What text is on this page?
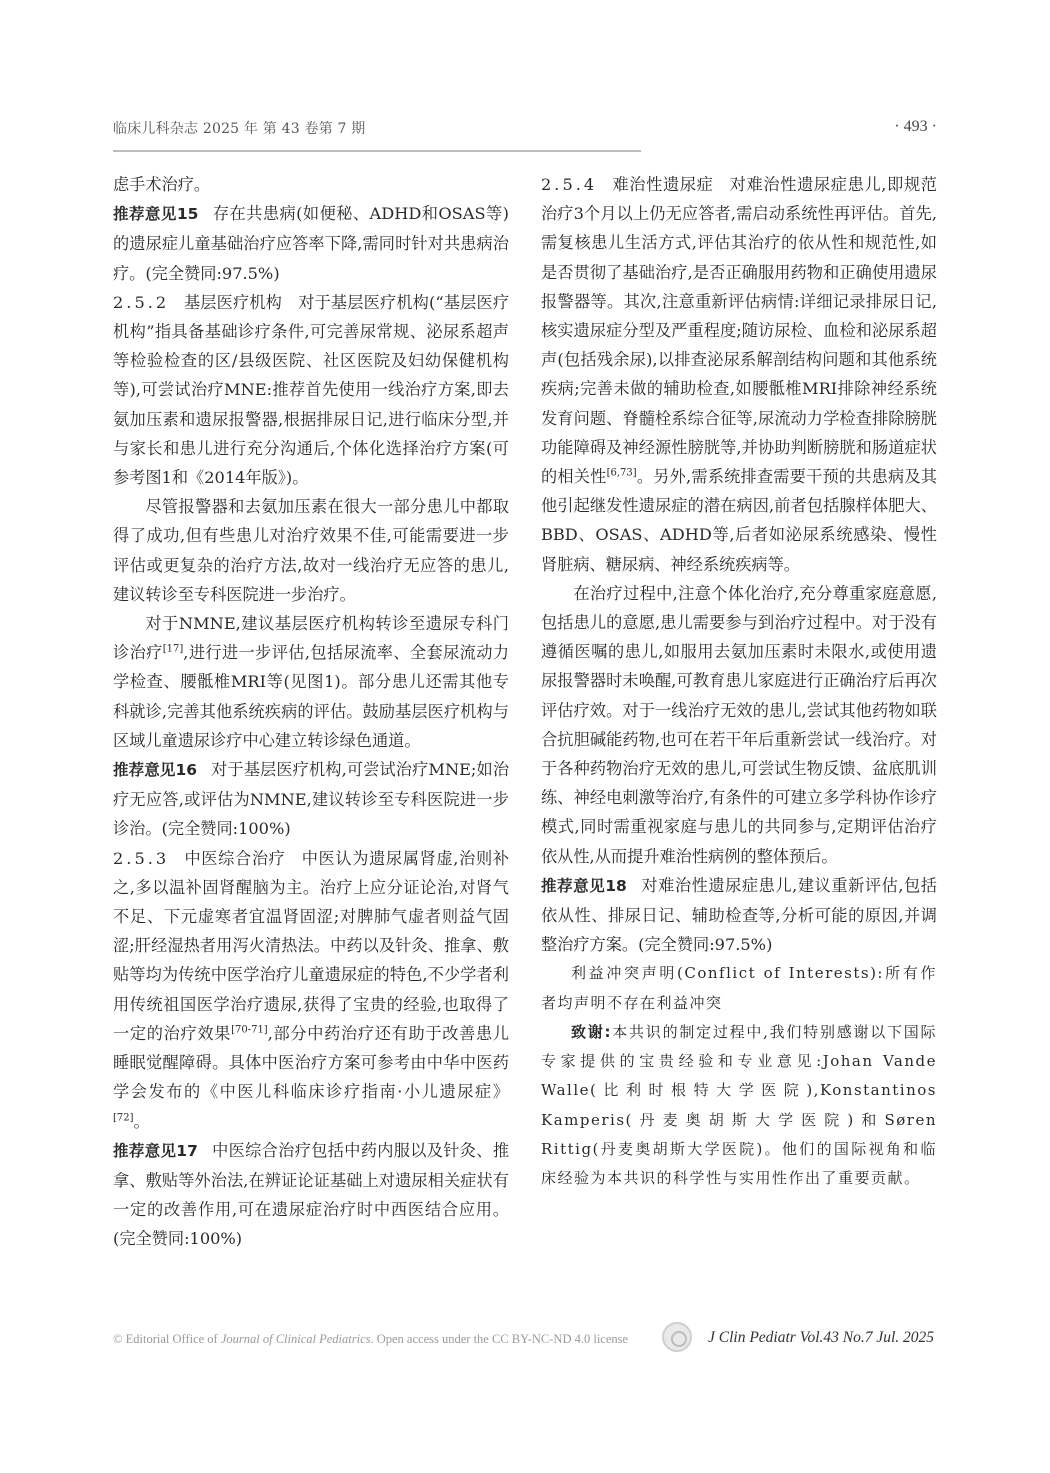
临床儿科杂志 2025 年 第 43 卷第 7 期	· 493 ·

虑手术治疗。

推荐意见15 存在共患病(如便秘、ADHD和OSAS等)的遗尿症儿童基础治疗应答率下降,需同时针对共患病治疗。(完全赞同:97.5%)

2.5.2 基层医疗机构 对于基层医疗机构(“基层医疗机构”指具备基础诊疗条件,可完善尿常规、泌尿系超声等检验检查的区/县级医院、社区医院及妇幼保健机构等),可尝试治疗MNE:推荐首先使用一线治疗方案,即去氨加压素和遗尿报警器,根据排尿日记,进行临床分型,并与家长和患儿进行充分沟通后,个体化选择治疗方案(可参考图1和《2014年版》)。

尽管报警器和去氨加压素在很大一部分患儿中都取得了成功,但有些患儿对治疗效果不佳,可能需要进一步评估或更复杂的治疗方法,故对一线治疗无应答的患儿,建议转诊至专科医院进一步治疗。

对于NMNE,建议基层医疗机构转诊至遗尿专科门诊治疗[17],进行进一步评估,包括尿流率、全套尿流动力学检查、腰骶椎MRI等(见图1)。部分患儿还需其他专科就诊,完善其他系统疾病的评估。鼓励基层医疗机构与区域儿童遗尿诊疗中心建立转诊绿色通道。

推荐意见16 对于基层医疗机构,可尝试治疗MNE;如治疗无应答,或评估为NMNE,建议转诊至专科医院进一步诊治。(完全赞同:100%)

2.5.3 中医综合治疗 中医认为遗尿属肾虚,治则补之,多以温补固肾醒脑为主。治疗上应分证论治,对肾气不足、下元虚寒者宜温肾固涩;对脾肺气虚者则益气固涩;肝经湿热者用泻火清热法。中药以及针灸、推拿、敷贴等均为传统中医学治疗儿童遗尿症的特色,不少学者利用传统祖国医学治疗遗尿,获得了宝贵的经验,也取得了一定的治疗效果[70-71],部分中药治疗还有助于改善患儿睡眠觉醒障碍。具体中医治疗方案可参考由中华中医药学会发布的《中医儿科临床诊疗指南·小儿遗尿症》[72]。

推荐意见17 中医综合治疗包括中药内服以及针灸、推拿、敷贴等外治法,在辨证论证基础上对遗尿相关症状有一定的改善作用,可在遗尿症治疗时中西医结合应用。(完全赞同:100%)

2.5.4 难治性遗尿症 对难治性遗尿症患儿,即规范治疗3个月以上仍无应答者,需启动系统性再评估。首先,需复核患儿生活方式,评估其治疗的依从性和规范性,如是否贯彻了基础治疗,是否正确服用药物和正确使用遗尿报警器等。其次,注意重新评估病情:详细记录排尿日记,核实遗尿症分型及严重程度;随访尿检、血检和泌尿系超声(包括残余尿),以排查泌尿系解剖结构问题和其他系统疾病;完善未做的辅助检查,如腰骶椎MRI排除神经系统发育问题、脊髓栓系综合征等,尿流动力学检查排除膀胱功能障碍及神经源性膀胱等,并协助判断膀胱和肠道症状的相关性[6,73]。另外,需系统排查需要干预的共患病及其他引起继发性遗尿症的潜在病因,前者包括腺样体肥大、BBD、OSAS、ADHD等,后者如泌尿系统感染、慢性肾脏病、糖尿病、神经系统疾病等。

在治疗过程中,注意个体化治疗,充分尊重家庭意愿,包括患儿的意愿,患儿需要参与到治疗过程中。对于没有遵循医嘱的患儿,如服用去氨加压素时未限水,或使用遗尿报警器时未唤醒,可教育患儿家庭进行正确治疗后再次评估疗效。对于一线治疗无效的患儿,尝试其他药物如联合抗胆碱能药物,也可在若干年后重新尝试一线治疗。对于各种药物治疗无效的患儿,可尝试生物反馈、盆底肌训练、神经电刺激等治疗,有条件的可建立多学科协作诊疗模式,同时需重视家庭与患儿的共同参与,定期评估治疗依从性,从而提升难治性病例的整体预后。

推荐意见18 对难治性遗尿症患儿,建议重新评估,包括依从性、排尿日记、辅助检查等,分析可能的原因,并调整治疗方案。(完全赞同:97.5%)

利益冲突声明(Conflict of Interests):所有作者均声明不存在利益冲突

致谢:本共识的制定过程中,我们特别感谢以下国际专家提供的宝贵经验和专业意见:Johan Vande Walle(比利时根特大学医院),Konstantinos Kamperis(丹麦奥胡斯大学医院)和Søren Rittig(丹麦奥胡斯大学医院)。他们的国际视角和临床经验为本共识的科学性与实用性作出了重要贡献。

© Editorial Office of Journal of Clinical Pediatrics. Open access under the CC BY-NC-ND 4.0 license	J Clin Pediatr Vol.43 No.7 Jul. 2025
